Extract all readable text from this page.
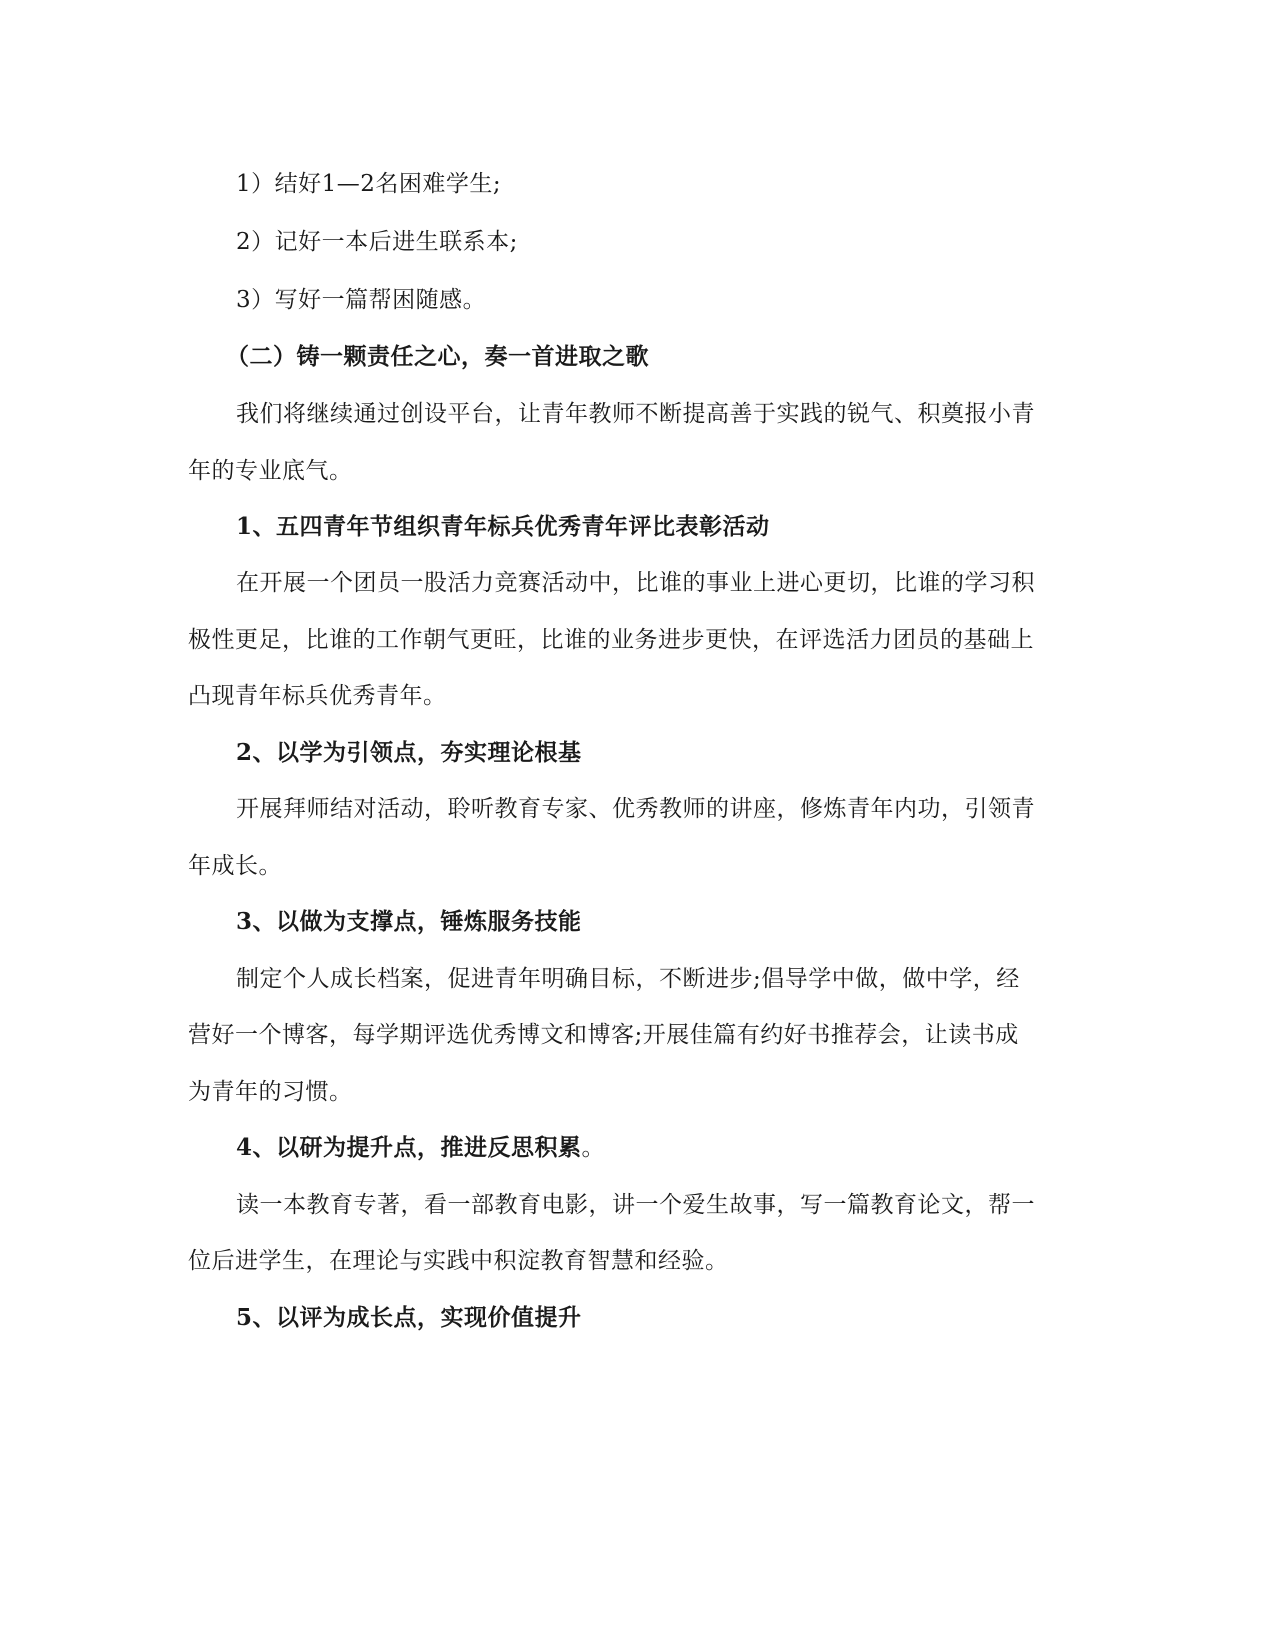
1）结好1—2名困难学生;
2）记好一本后进生联系本;
3）写好一篇帮困随感。
（二）铸一颗责任之心，奏一首进取之歌
我们将继续通过创设平台，让青年教师不断提高善于实践的锐气、积奠报小青
年的专业底气。
1、五四青年节组织青年标兵优秀青年评比表彰活动
在开展一个团员一股活力竞赛活动中，比谁的事业上进心更切，比谁的学习积
极性更足，比谁的工作朝气更旺，比谁的业务进步更快，在评选活力团员的基础上
凸现青年标兵优秀青年。
2、以学为引领点，夯实理论根基
开展拜师结对活动，聆听教育专家、优秀教师的讲座，修炼青年内功，引领青
年成长。
3、以做为支撑点，锤炼服务技能
制定个人成长档案，促进青年明确目标，不断进步;倡导学中做，做中学，经
营好一个博客，每学期评选优秀博文和博客;开展佳篇有约好书推荐会，让读书成
为青年的习惯。
4、以研为提升点，推进反思积累。
读一本教育专著，看一部教育电影，讲一个爱生故事，写一篇教育论文，帮一
位后进学生，在理论与实践中积淀教育智慧和经验。
5、以评为成长点，实现价值提升
